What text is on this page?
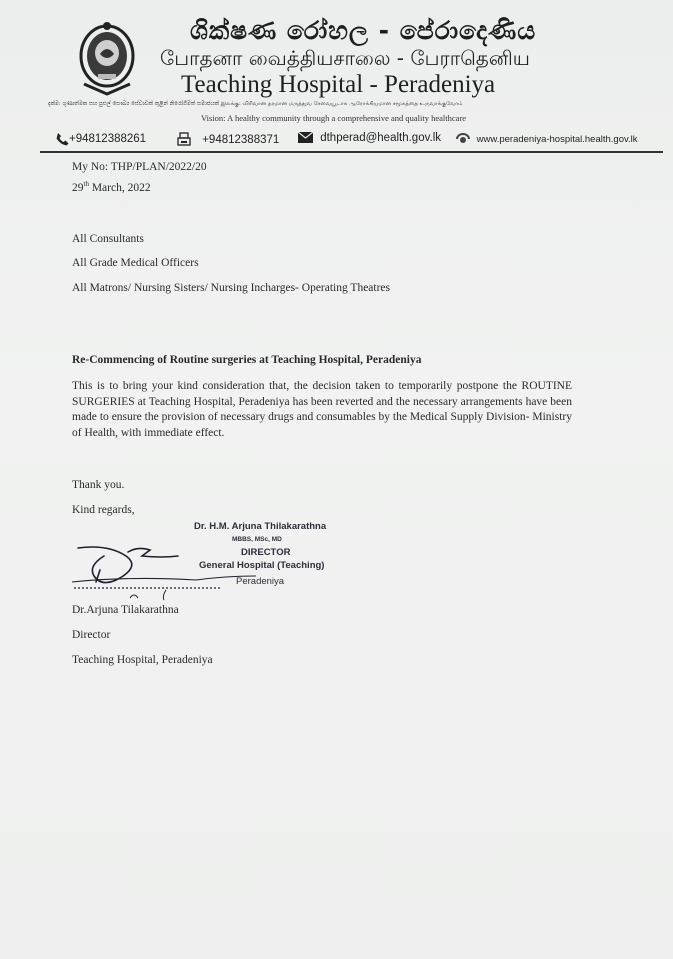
ශික්ෂණ රෝහල - පේරාදෙණිය
போதனா வைத்தியசாலை - பேராதெனிய
Teaching Hospital - Peradeniya
දැක්ම: ගුණාත්මක සහ පුළුල් සෞඛ්‍ය සේවාවක් තුළින් නිරෝගිමත් සමාජයක් இலக்கு: விரிவான தரமான மருத்துவ சேவையூடாக ஆரோக்கியமான சமூகத்தை உருவாக்குவோம்
Vision: A healthy community through a comprehensive and quality healthcare
+94812388261	+94812388371	dthperad@health.gov.lk	www.peradeniya-hospital.health.gov.lk
My No: THP/PLAN/2022/20
29th March, 2022
All Consultants
All Grade Medical Officers
All Matrons/ Nursing Sisters/ Nursing Incharges- Operating Theatres
Re-Commencing of Routine surgeries at Teaching Hospital, Peradeniya
This is to bring your kind consideration that, the decision taken to temporarily postpone the ROUTINE SURGERIES at Teaching Hospital, Peradeniya has been reverted and the necessary arrangements have been made to ensure the provision of necessary drugs and consumables by the Medical Supply Division- Ministry of Health, with immediate effect.
Thank you.
Kind regards,
Dr. H.M. Arjuna Thilakarathna
MBBS, MSc, MD
DIRECTOR
General Hospital (Teaching)
Peradeniya
Dr.Arjuna Tilakarathna
Director
Teaching Hospital, Peradeniya
